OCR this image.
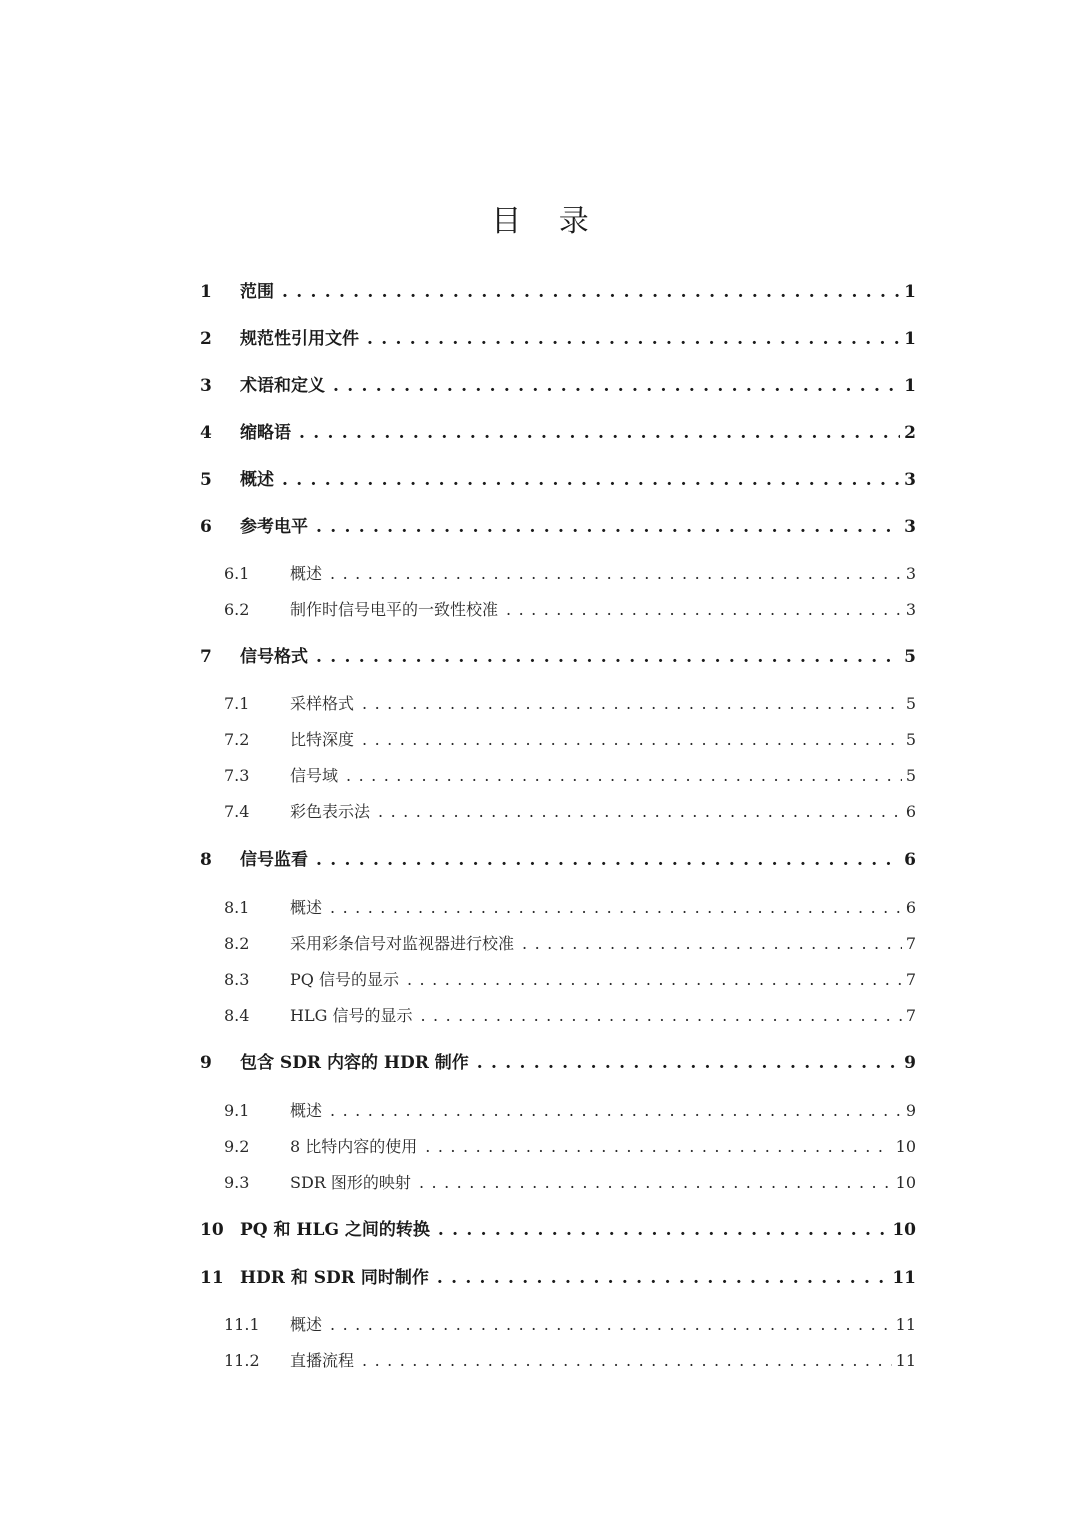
目 录
1	范围 . . .	1
2	规范性引用文件 . . .	1
3	术语和定义 . . .	1
4	缩略语 . . .	2
5	概述 . . .	3
6	参考电平 . . .	3
6.1	概述 . . .	3
6.2	制作时信号电平的一致性校准 . . .	3
7	信号格式 . . .	5
7.1	采样格式 . . .	5
7.2	比特深度 . . .	5
7.3	信号域 . . .	5
7.4	彩色表示法 . . .	6
8	信号监看 . . .	6
8.1	概述 . . .	6
8.2	采用彩条信号对监视器进行校准 . . .	7
8.3	PQ 信号的显示 . . .	7
8.4	HLG 信号的显示 . . .	7
9	包含 SDR 内容的 HDR 制作 . . .	9
9.1	概述 . . .	9
9.2	8 比特内容的使用 . . .	10
9.3	SDR 图形的映射 . . .	10
10 PQ 和 HLG 之间的转换 . . .	10
11 HDR 和 SDR 同时制作 . . .	11
11.1	概述 . . .	11
11.2	直播流程 . . .	11
